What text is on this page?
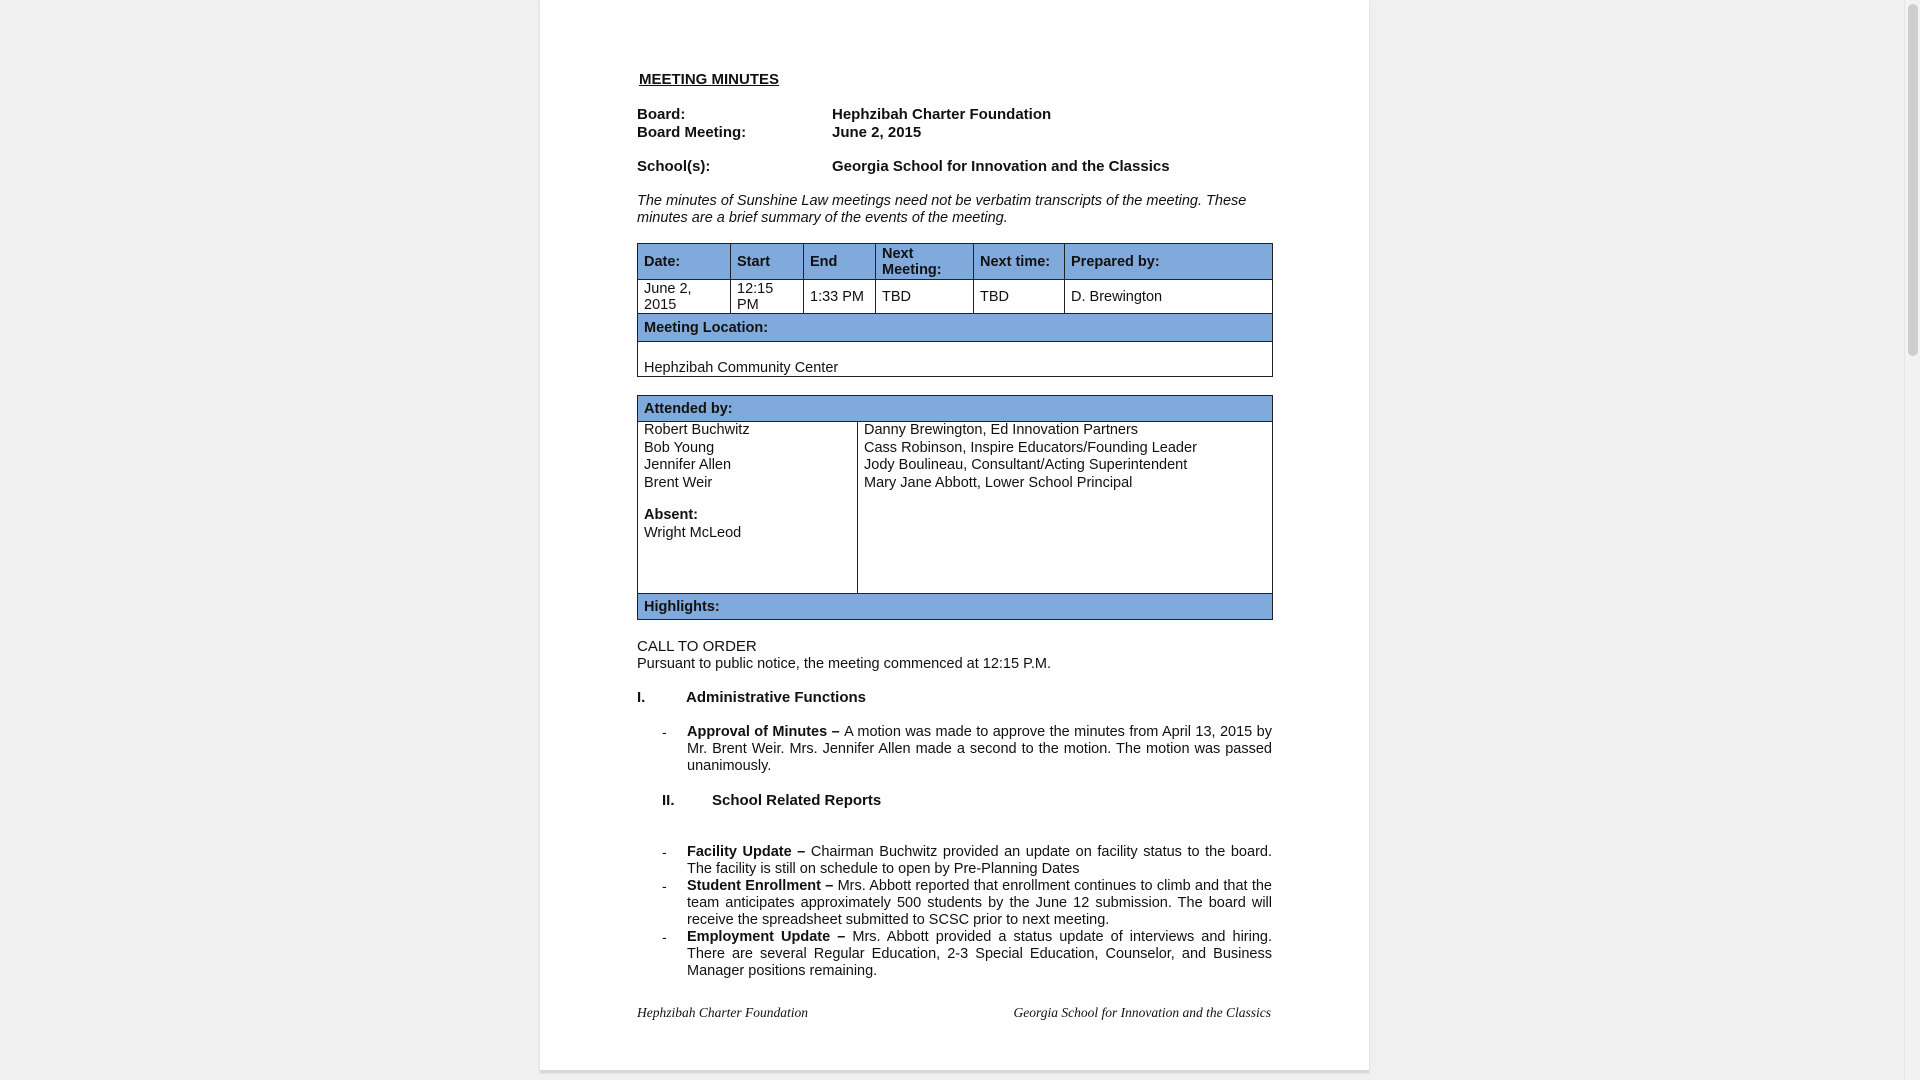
MEETING MINUTES
Board:	Hephzibah Charter Foundation
Board Meeting:	June 2, 2015
School(s):	Georgia School for Innovation and the Classics
The minutes of Sunshine Law meetings need not be verbatim transcripts of the meeting. These minutes are a brief summary of the events of the meeting.
Date:	Start	End	Next Meeting:	Next time:	Prepared by:
June 2, 2015	12:15 PM	1:33 PM	TBD	TBD	D. Brewington
Meeting Location:					
Hephzibah Community Center					
Attended by:

Robert Buchwitz
Bob Young
Jennifer Allen
Brent Weir
Absent:
Wright McLeod

Danny Brewington, Ed Innovation Partners
Cass Robinson, Inspire Educators/Founding Leader
Jody Boulineau, Consultant/Acting Superintendent
Mary Jane Abbott, Lower School Principal

Highlights:
CALL TO ORDER
Pursuant to public notice, the meeting commenced at 12:15 P.M.
I.	Administrative Functions
- Approval of Minutes – A motion was made to approve the minutes from April 13, 2015 by Mr. Brent Weir. Mrs. Jennifer Allen made a second to the motion. The motion was passed unanimously.
II. School Related Reports
- Facility Update – Chairman Buchwitz provided an update on facility status to the board. The facility is still on schedule to open by Pre-Planning Dates
- Student Enrollment – Mrs. Abbott reported that enrollment continues to climb and that the team anticipates approximately 500 students by the June 12 submission. The board will receive the spreadsheet submitted to SCSC prior to next meeting.
- Employment Update – Mrs. Abbott provided a status update of interviews and hiring. There are several Regular Education, 2-3 Special Education, Counselor, and Business Manager positions remaining.
Hephzibah Charter Foundation	Georgia School for Innovation and the Classics
